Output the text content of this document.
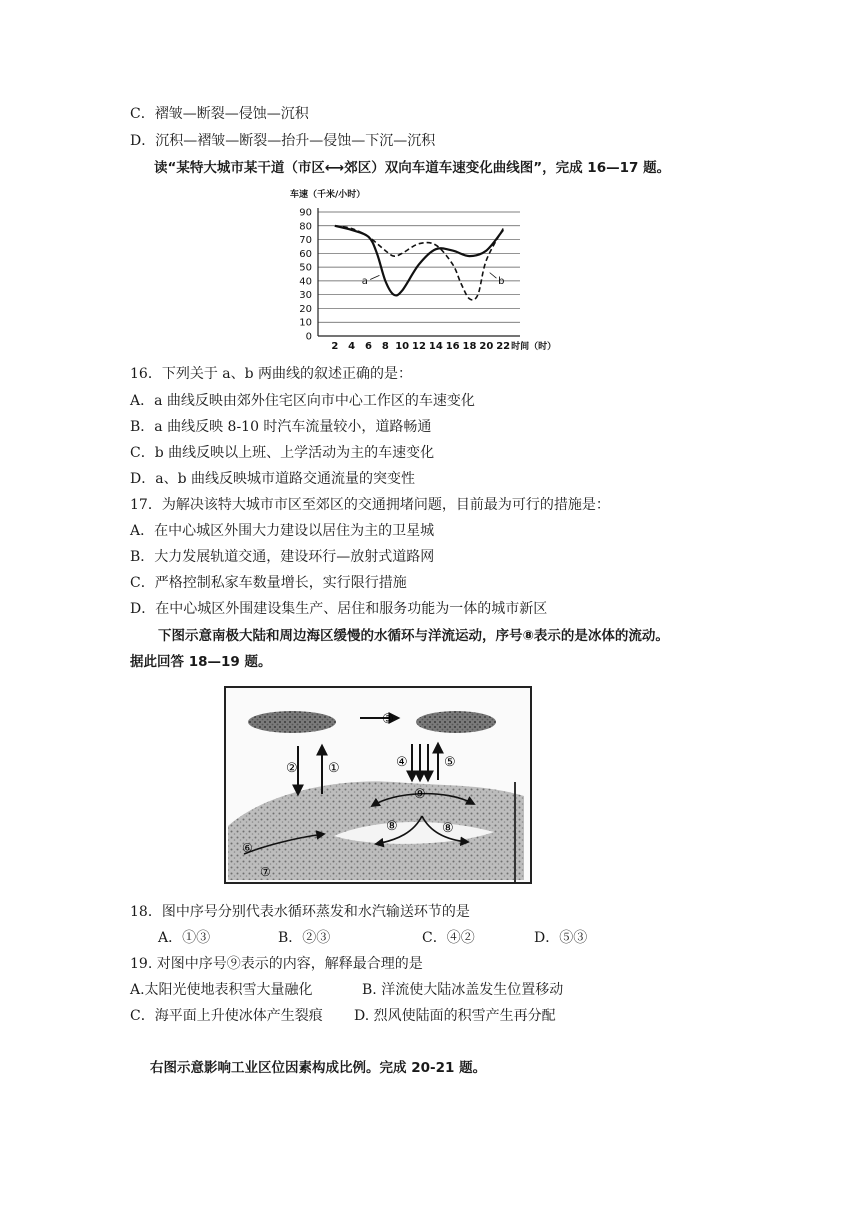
C．褶皱—断裂—侵蚀—沉积
D．沉积—褶皱—断裂—抬升—侵蚀—下沉—沉积
读“某特大城市某干道（市区⟷郊区）双向车道车速变化曲线图”，完成 16—17 题。
车速（千米/小时）
0
10
20
30
40
50
60
70
80
90
2 4 6 8 10 12 14 16 18 20 22 时间（时）
a	b
16．下列关于 a、b 两曲线的叙述正确的是：
A．a 曲线反映由郊外住宅区向市中心工作区的车速变化
B．a 曲线反映 8-10 时汽车流量较小，道路畅通
C．b 曲线反映以上班、上学活动为主的车速变化
D．a、b 曲线反映城市道路交通流量的突变性
17．为解决该特大城市市区至郊区的交通拥堵问题，目前最为可行的措施是：
A．在中心城区外围大力建设以居住为主的卫星城
B．大力发展轨道交通，建设环行—放射式道路网
C．严格控制私家车数量增长，实行限行措施
D．在中心城区外围建设集生产、居住和服务功能为一体的城市新区
下图示意南极大陆和周边海区缓慢的水循环与洋流运动，序号⑧表示的是冰体的流动。
据此回答 18—19 题。
③
② ①	④	⑤
⑨
⑧	⑧
⑥
⑦
18．图中序号分别代表水循环蒸发和水汽输送环节的是
A．①③	B．②③	C．④②	D．⑤③
19. 对图中序号⑨表示的内容，解释最合理的是
A.太阳光使地表积雪大量融化	B. 洋流使大陆冰盖发生位置移动
C．海平面上升使冰体产生裂痕 D. 烈风使陆面的积雪产生再分配
右图示意影响工业区位因素构成比例。完成 20-21 题。
